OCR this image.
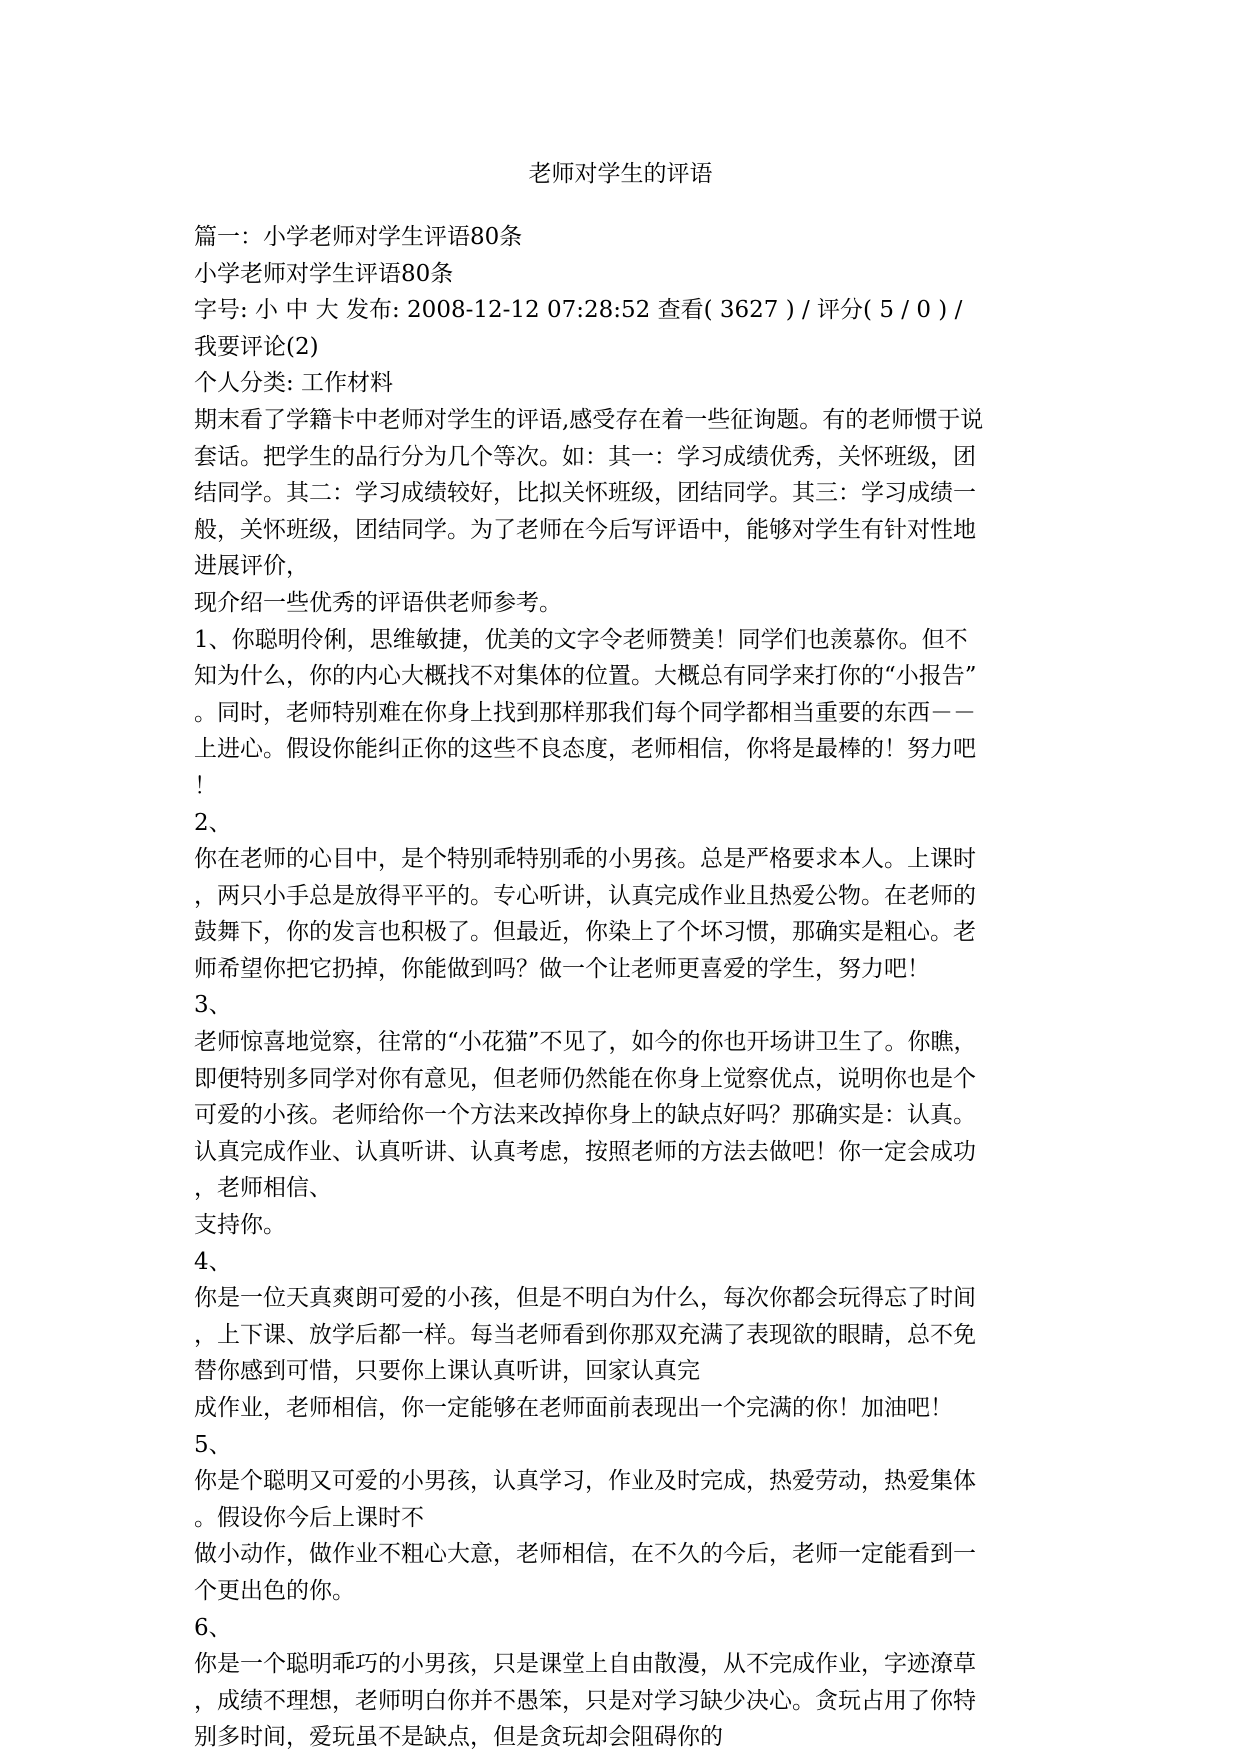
老师对学生的评语
篇一：小学老师对学生评语80条
小学老师对学生评语80条
字号: 小 中 大 发布: 2008-12-12 07:28:52 查看( 3627 ) / 评分( 5 / 0 ) /
我要评论(2)
个人分类: 工作材料
期末看了学籍卡中老师对学生的评语,感受存在着一些征询题。有的老师惯于说
套话。把学生的品行分为几个等次。如：其一：学习成绩优秀，关怀班级，团
结同学。其二：学习成绩较好，比拟关怀班级，团结同学。其三：学习成绩一
般，关怀班级，团结同学。为了老师在今后写评语中，能够对学生有针对性地
进展评价，
现介绍一些优秀的评语供老师参考。
1、你聪明伶俐，思维敏捷，优美的文字令老师赞美！同学们也羡慕你。但不
知为什么，你的内心大概找不对集体的位置。大概总有同学来打你的“小报告”
。同时，老师特别难在你身上找到那样那我们每个同学都相当重要的东西－－
上进心。假设你能纠正你的这些不良态度，老师相信，你将是最棒的！努力吧
！
2、
你在老师的心目中，是个特别乖特别乖的小男孩。总是严格要求本人。上课时
，两只小手总是放得平平的。专心听讲，认真完成作业且热爱公物。在老师的
鼓舞下，你的发言也积极了。但最近，你染上了个坏习惯，那确实是粗心。老
师希望你把它扔掉，你能做到吗？做一个让老师更喜爱的学生，努力吧！
3、
老师惊喜地觉察，往常的“小花猫”不见了，如今的你也开场讲卫生了。你瞧，
即便特别多同学对你有意见，但老师仍然能在你身上觉察优点，说明你也是个
可爱的小孩。老师给你一个方法来改掉你身上的缺点好吗？那确实是：认真。
认真完成作业、认真听讲、认真考虑，按照老师的方法去做吧！你一定会成功
，老师相信、
支持你。
4、
你是一位天真爽朗可爱的小孩，但是不明白为什么，每次你都会玩得忘了时间
，上下课、放学后都一样。每当老师看到你那双充满了表现欲的眼睛，总不免
替你感到可惜，只要你上课认真听讲，回家认真完
成作业，老师相信，你一定能够在老师面前表现出一个完满的你！加油吧！
5、
你是个聪明又可爱的小男孩，认真学习，作业及时完成，热爱劳动，热爱集体
。假设你今后上课时不
做小动作，做作业不粗心大意，老师相信，在不久的今后，老师一定能看到一
个更出色的你。
6、
你是一个聪明乖巧的小男孩，只是课堂上自由散漫，从不完成作业，字迹潦草
，成绩不理想，老师明白你并不愚笨，只是对学习缺少决心。贪玩占用了你特
别多时间，爱玩虽不是缺点，但是贪玩却会阻碍你的
